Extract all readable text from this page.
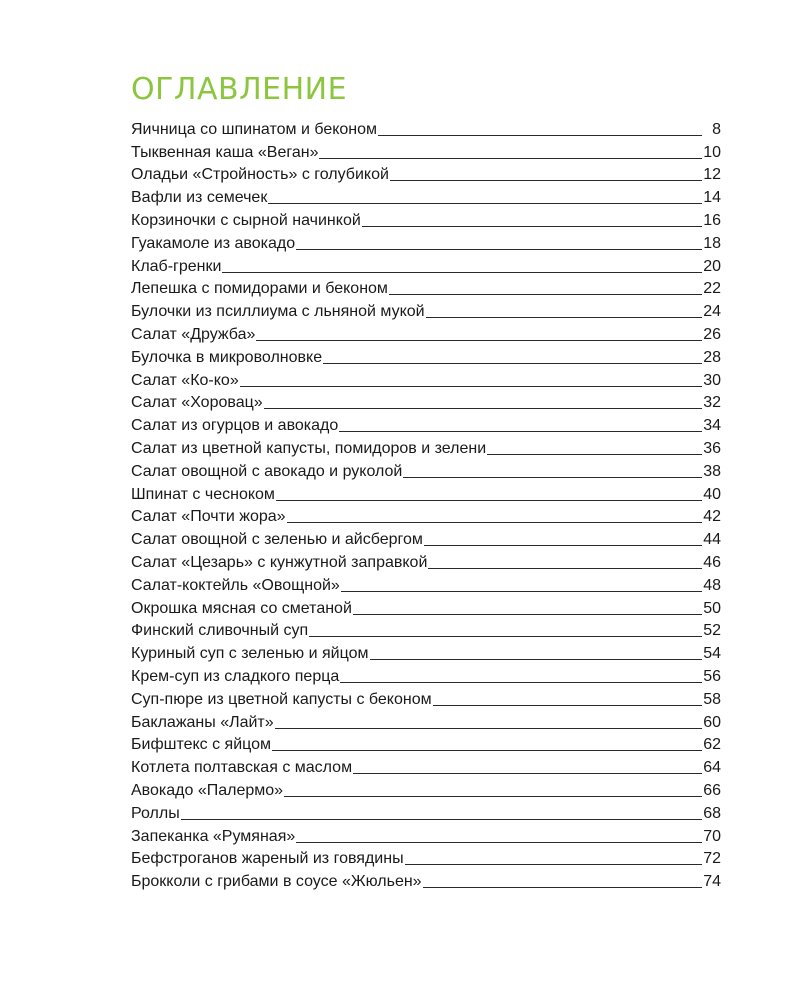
ОГЛАВЛЕНИЕ
Яичница со шпинатом и беконом	8
Тыквенная каша «Веган»	10
Оладьи «Стройность» с голубикой	12
Вафли из семечек	14
Корзиночки с сырной начинкой	16
Гуакамоле из авокадо	18
Клаб-гренки	20
Лепешка с помидорами и беконом	22
Булочки из псиллиума с льняной мукой	24
Салат «Дружба»	26
Булочка в микроволновке	28
Салат «Ко-ко»	30
Салат «Хоровац»	32
Салат из огурцов и авокадо	34
Салат из цветной капусты, помидоров и зелени	36
Салат овощной с авокадо и руколой	38
Шпинат с чесноком	40
Салат «Почти жора»	42
Салат овощной с зеленью и айсбергом	44
Салат «Цезарь» с кунжутной заправкой	46
Салат-коктейль «Овощной»	48
Окрошка мясная со сметаной	50
Финский сливочный суп	52
Куриный суп с зеленью и яйцом	54
Крем-суп из сладкого перца	56
Суп-пюре из цветной капусты с беконом	58
Баклажаны «Лайт»	60
Бифштекс с яйцом	62
Котлета полтавская с маслом	64
Авокадо «Палермо»	66
Роллы	68
Запеканка «Румяная»	70
Бефстроганов жареный из говядины	72
Брокколи с грибами в соусе «Жюльен»	74
